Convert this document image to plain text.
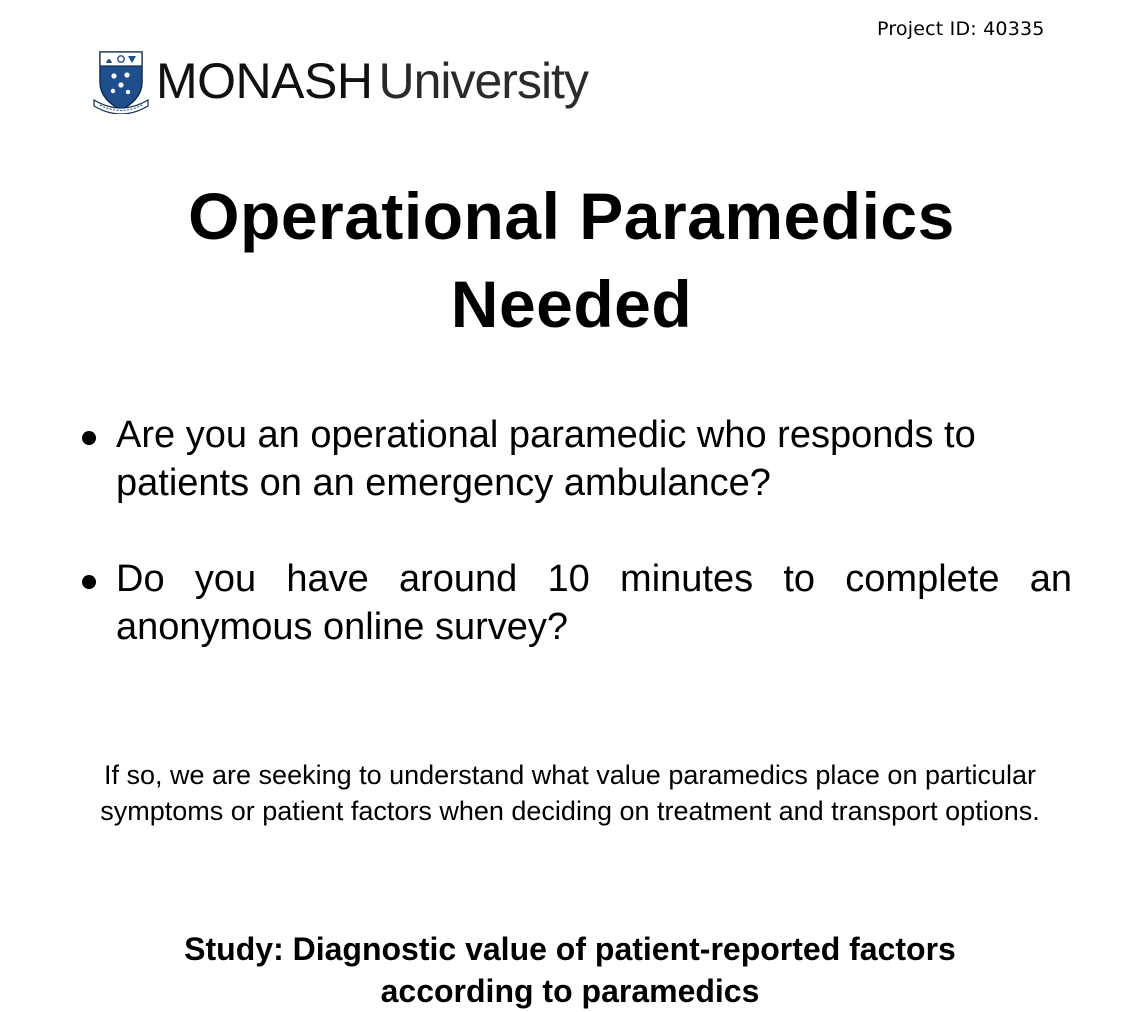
Project ID: 40335
MONASH University
Operational Paramedics
Needed
Are you an operational paramedic who responds to patients on an emergency ambulance?
Do you have around 10 minutes to complete an anonymous online survey?
If so, we are seeking to understand what value paramedics place on particular symptoms or patient factors when deciding on treatment and transport options.
Study: Diagnostic value of patient-reported factors
according to paramedics
